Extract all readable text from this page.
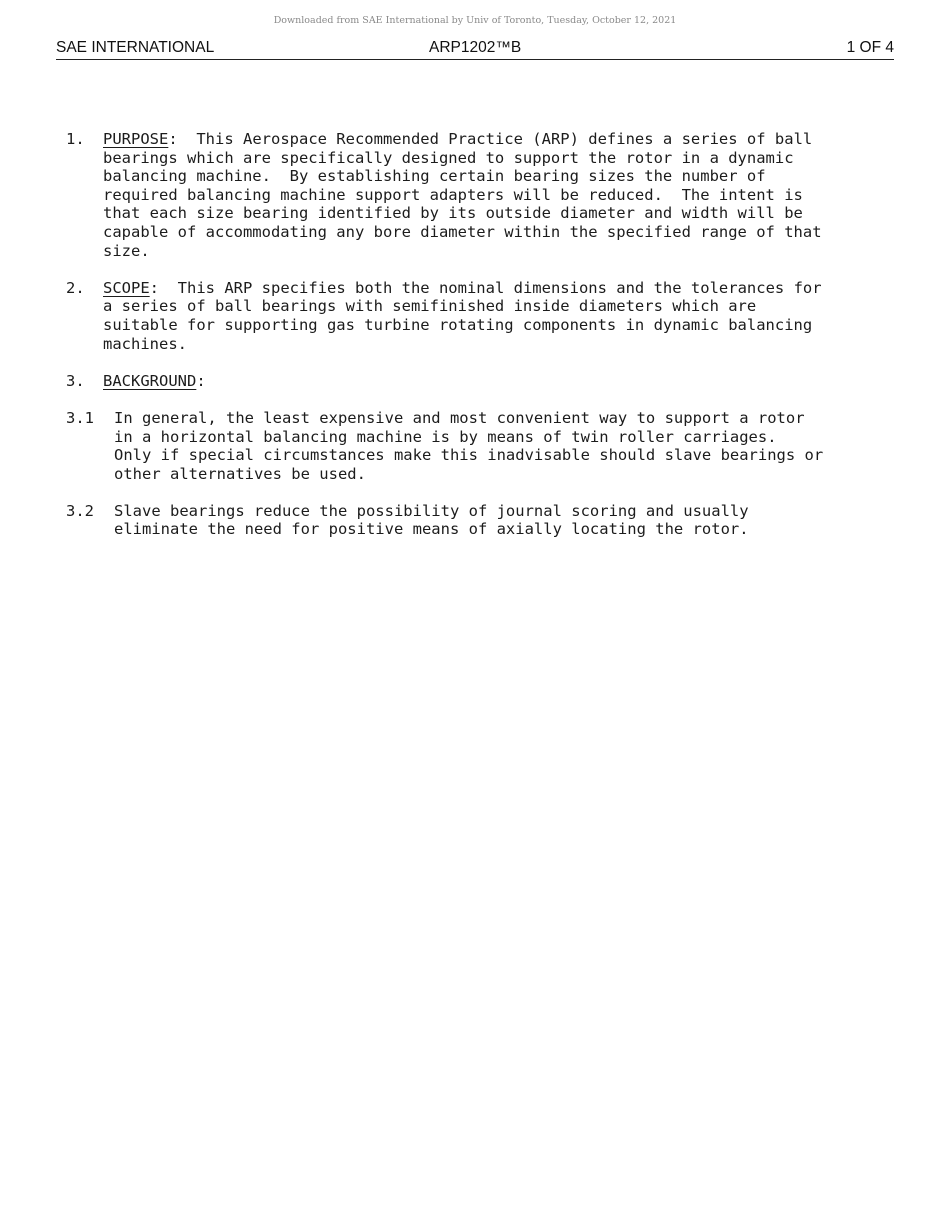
Downloaded from SAE International by Univ of Toronto, Tuesday, October 12, 2021
SAE INTERNATIONAL	ARP1202™B	1 OF 4
1. PURPOSE:  This Aerospace Recommended Practice (ARP) defines a series of ball
bearings which are specifically designed to support the rotor in a dynamic
balancing machine.  By establishing certain bearing sizes the number of
required balancing machine support adapters will be reduced.  The intent is
that each size bearing identified by its outside diameter and width will be
capable of accommodating any bore diameter within the specified range of that
size.
2. SCOPE:  This ARP specifies both the nominal dimensions and the tolerances for
a series of ball bearings with semifinished inside diameters which are
suitable for supporting gas turbine rotating components in dynamic balancing
machines.
3. BACKGROUND:
3.1 In general, the least expensive and most convenient way to support a rotor
in a horizontal balancing machine is by means of twin roller carriages.
Only if special circumstances make this inadvisable should slave bearings or
other alternatives be used.
3.2 Slave bearings reduce the possibility of journal scoring and usually
eliminate the need for positive means of axially locating the rotor.
